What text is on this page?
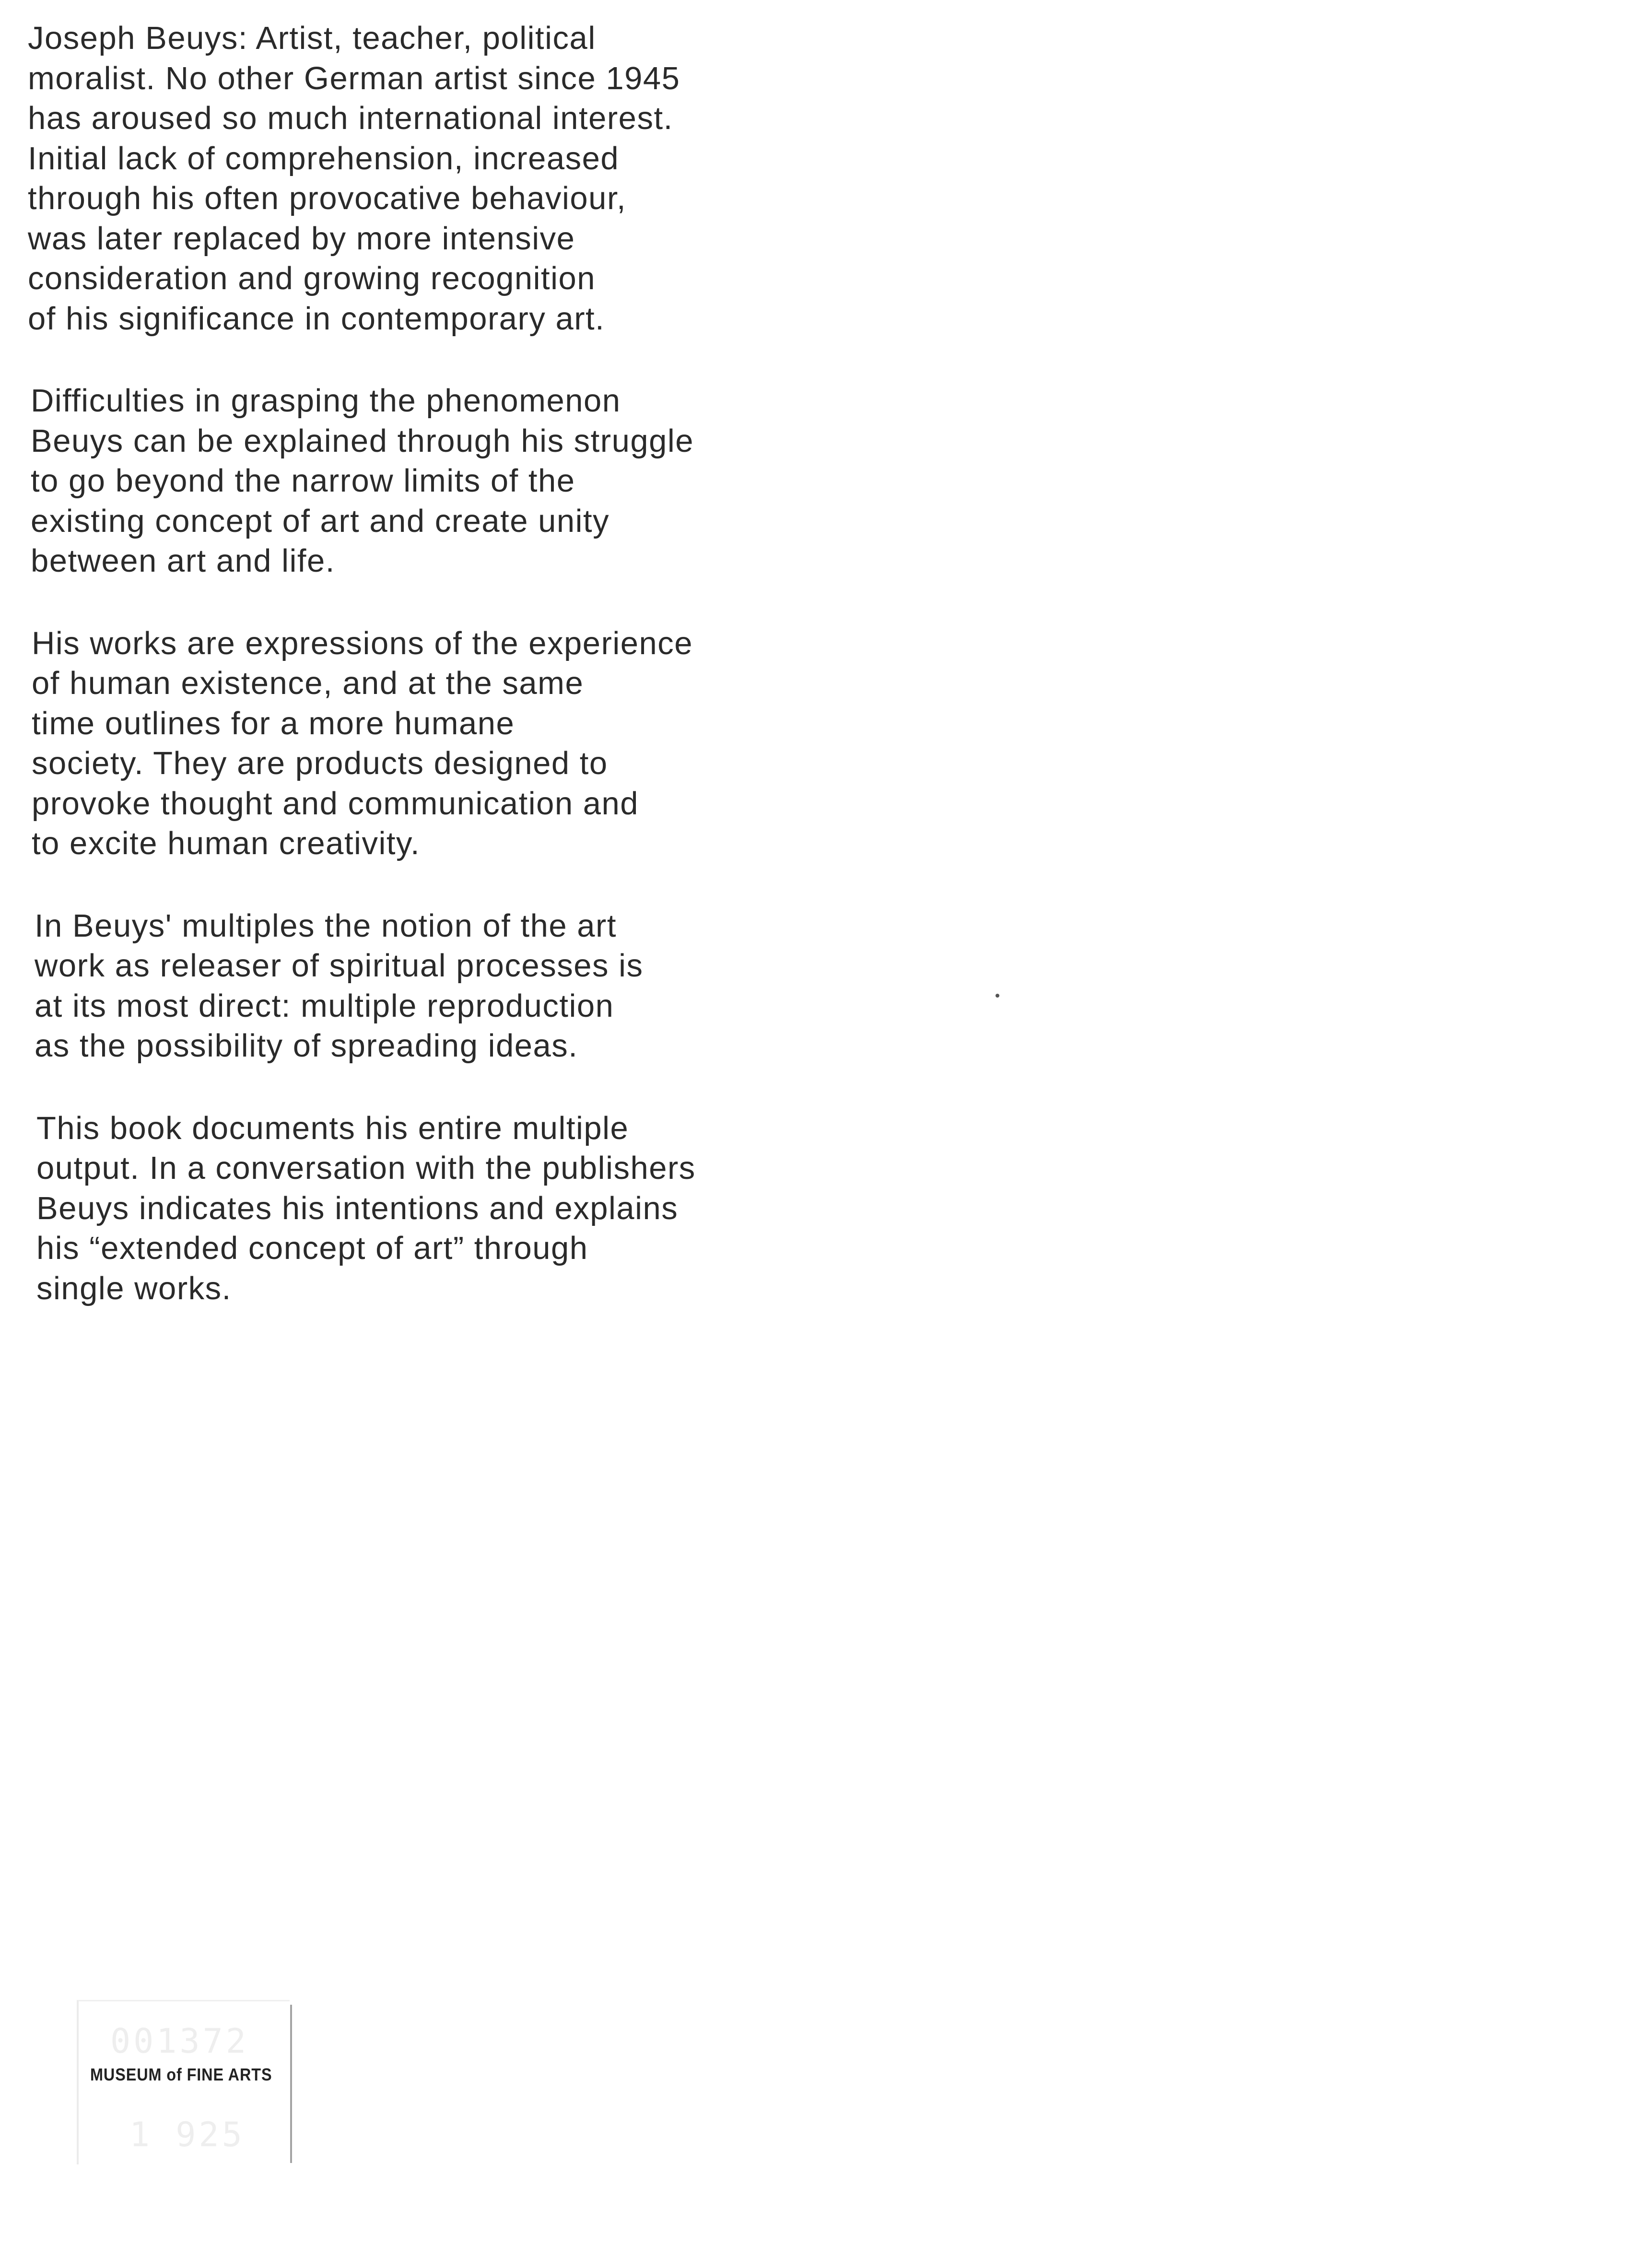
Joseph Beuys: Artist, teacher, political
moralist. No other German artist since 1945
has aroused so much international interest.
Initial lack of comprehension, increased
through his often provocative behaviour,
was later replaced by more intensive
consideration and growing recognition
of his significance in contemporary art.

Difficulties in grasping the phenomenon
Beuys can be explained through his struggle
to go beyond the narrow limits of the
existing concept of art and create unity
between art and life.

His works are expressions of the experience
of human existence, and at the same
time outlines for a more humane
society. They are products designed to
provoke thought and communication and
to excite human creativity.

In Beuys' multiples the notion of the art
work as releaser of spiritual processes is
at its most direct: multiple reproduction
as the possibility of spreading ideas.

This book documents his entire multiple
output. In a conversation with the publishers
Beuys indicates his intentions and explains
his “extended concept of art” through
single works.

001372
MUSEUM of FINE ARTS
1 925
